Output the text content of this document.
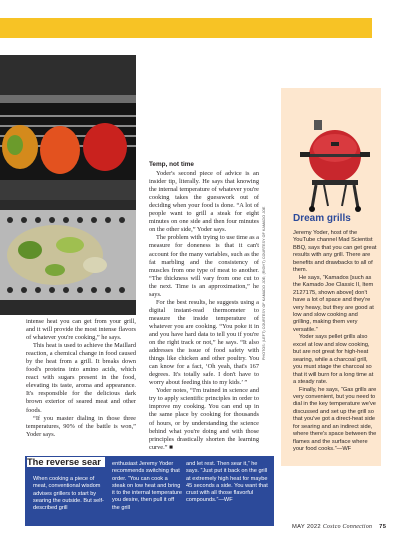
intense heat you can get from your grill, and it will provide the most intense flavors of whatever you're cooking,” he says.

This heat is used to achieve the Maillard reaction, a chemical change in food caused by the heat from a grill. It breaks down food's proteins into amino acids, which react with sugars present in the food, elevating its taste, aroma and appearance. It's responsible for the delicious dark brown exterior of seared meat and other foods.

“If you master dialing in those three temperatures, 90% of the battle is won,” Yoder says.

Temp, not time

Yoder's second piece of advice is an insider tip, literally. He says that knowing the internal temperature of whatever you're cooking takes the guesswork out of deciding when your food is done. “A lot of people want to grill a steak for eight minutes on one side and then four minutes on the other side,” Yoder says.

The problem with trying to use time as a measure for doneness is that it can't account for the many variables, such as the fat marbling and the consistency of muscles from one type of meat to another. “The thickness will vary from one cut to the next. Time is an approximation,” he says.

For the best results, he suggests using a digital instant-read thermometer to measure the inside temperature of whatever you are cooking. “You poke it in and you have hard data to tell you if you're on the right track or not,” he says. “It also addresses the issue of food safety with things like chicken and other poultry. You can know for a fact, ‘Oh yeah, that's 167 degrees. It's totally safe. I don't have to worry about feeding this to my kids.’ ”

Yoder notes, “I'm trained in science and try to apply scientific principles in order to improve my cooking. You can end up in the same place by cooking for thousands of hours, or by understanding the science behind what you're doing and with those principles drastically shorten the learning curve.” ■

PHOTOS: (LEFT) COURTESY OF KAMADO JOE; (RIGHT) COURTESY OF KAMADO JOE	Dream grills

Jeremy Yoder, host of the YouTube channel Mad Scientist BBQ, says that you can get great results with any grill. There are benefits and drawbacks to all of them.

He says, “Kamados [such as the Kamado Joe Classic II, Item 2127175, shown above] don't have a lot of space and they're very heavy, but they are good at low and slow cooking and grilling, making them very versatile.”

Yoder says pellet grills also excel at low and slow cooking, but are not great for high-heat searing, while a charcoal grill, you must stage the charcoal so that it will burn for a long time at a steady rate.

Finally, he says, “Gas grills are very convenient, but you need to dial in the key temperature we've discussed and set up the grill so that you've got a direct-heat side for searing and an indirect side, where there's space between the flames and the surface where your food cooks.”—WF

The reverse sear
When cooking a piece of meat, conventional wisdom advises grillers to start by searing the outside. But self-described grill
enthusiast Jeremy Yoder recommends switching that order. “You can cook a steak on low heat and bring it to the internal temperature you desire, then pull it off the grill
and let rest. Then sear it,” he says. “Just put it back on the grill at extremely high heat for maybe 45 seconds a side. You want that crust with all those flavorful compounds.”—WF
MAY 2022 Costco Connection 75
